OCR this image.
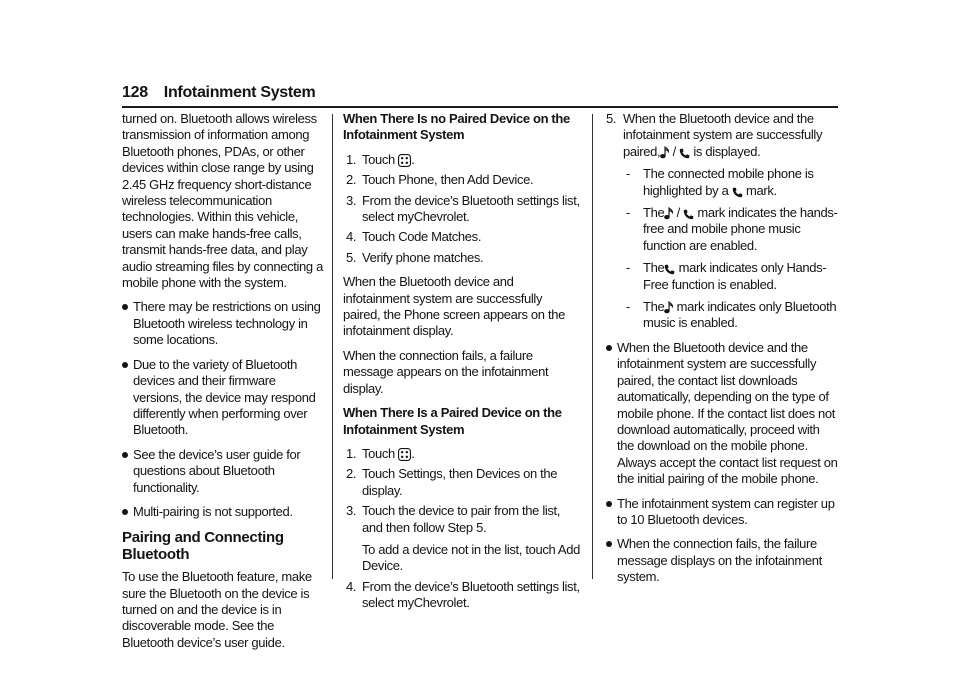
128 Infotainment System

turned on. Bluetooth allows wireless transmission of information among Bluetooth phones, PDAs, or other devices within close range by using 2.45 GHz frequency short-distance wireless telecommunication technologies. Within this vehicle, users can make hands-free calls, transmit hands-free data, and play audio streaming files by connecting a mobile phone with the system.

There may be restrictions on using Bluetooth wireless technology in some locations.
Due to the variety of Bluetooth devices and their firmware versions, the device may respond differently when performing over Bluetooth.
See the device’s user guide for questions about Bluetooth functionality.
Multi-pairing is not supported.
Pairing and Connecting Bluetooth

To use the Bluetooth feature, make sure the Bluetooth on the device is turned on and the device is in discoverable mode. See the Bluetooth device’s user guide.

When There Is no Paired Device on the Infotainment System

1. Touch .
2. Touch Phone, then Add Device.
3. From the device’s Bluetooth settings list, select myChevrolet.
4. Touch Code Matches.
5. Verify phone matches.

When the Bluetooth device and infotainment system are successfully paired, the Phone screen appears on the infotainment display.

When the connection fails, a failure message appears on the infotainment display.

When There Is a Paired Device on the Infotainment System

1. Touch .
2. Touch Settings, then Devices on the display.
3. Touch the device to pair from the list, and then follow Step 5.

To add a device not in the list, touch Add Device.

4. From the device’s Bluetooth settings list, select myChevrolet.
5. When the Bluetooth device and the infotainment system are successfully paired, / is displayed.
-	The connected mobile phone is highlighted by a mark.
-	The / mark indicates the hands-free and mobile phone music function are enabled.
-	The mark indicates only Hands-Free function is enabled.
-	The mark indicates only Bluetooth music is enabled.
When the Bluetooth device and the infotainment system are successfully paired, the contact list downloads automatically, depending on the type of mobile phone. If the contact list does not download automatically, proceed with the download on the mobile phone. Always accept the contact list request on the initial pairing of the mobile phone.
The infotainment system can register up to 10 Bluetooth devices.
When the connection fails, the failure message displays on the infotainment system.
